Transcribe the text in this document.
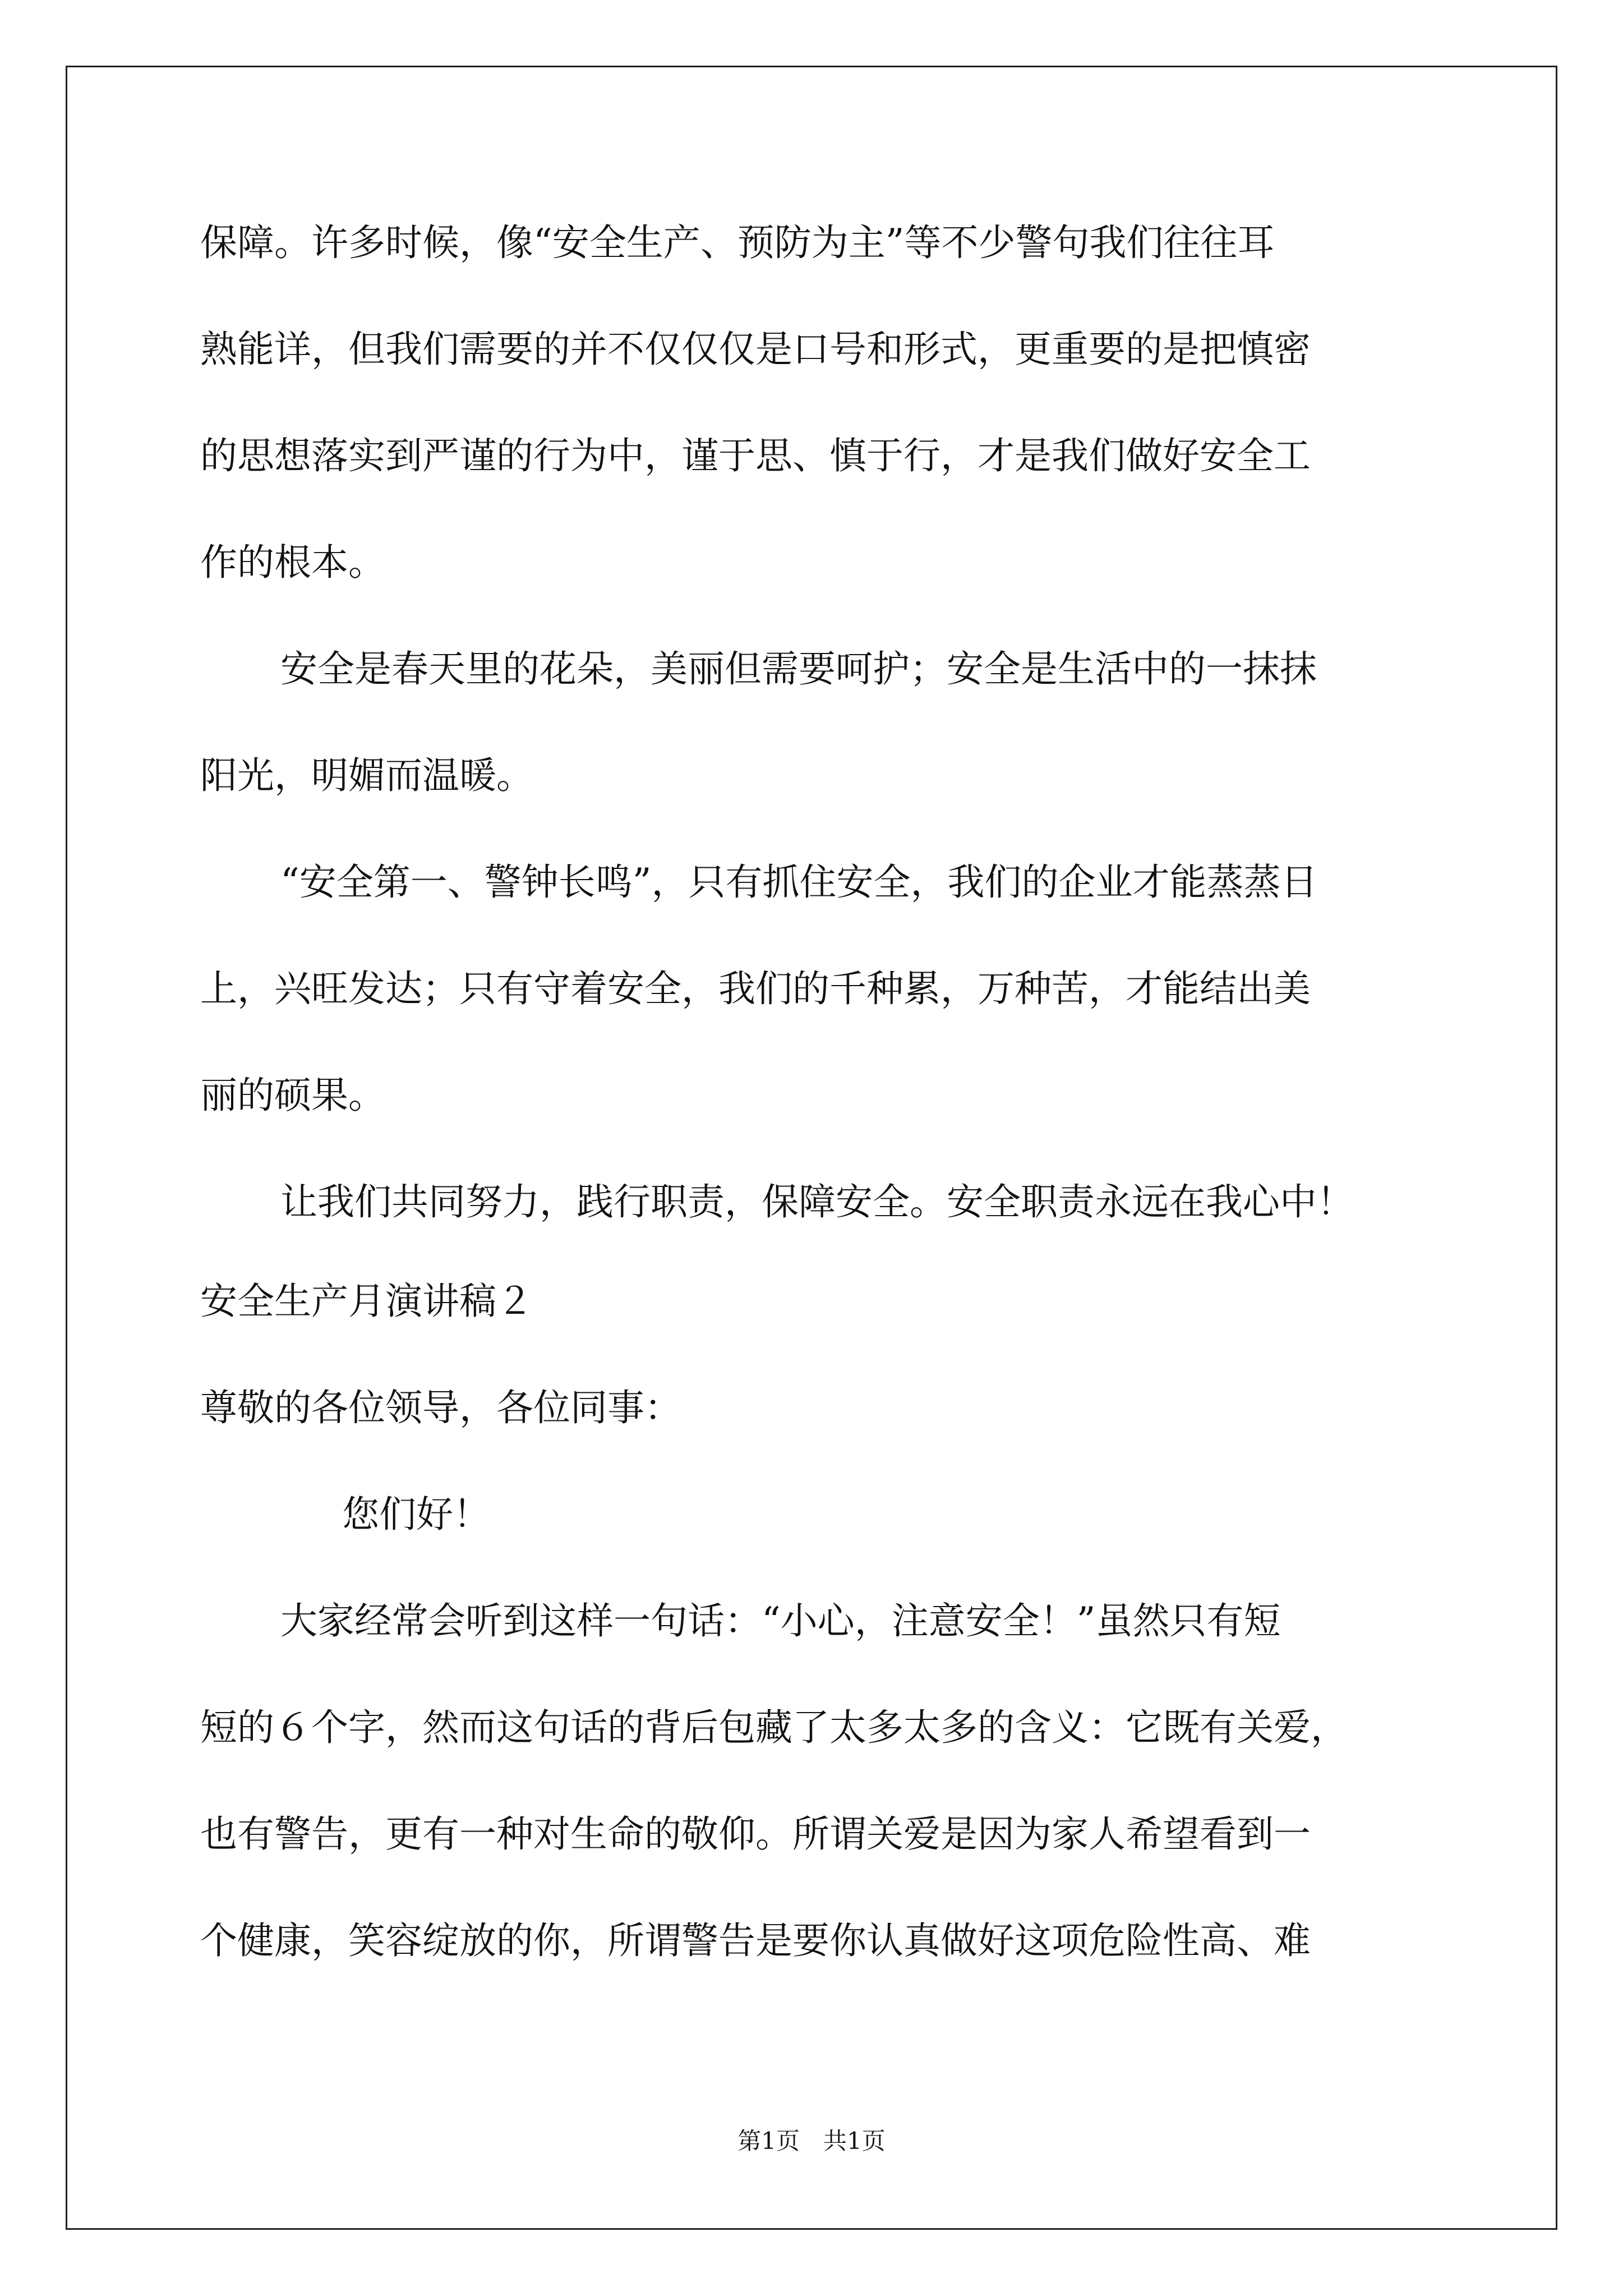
保障。许多时候，像“安全生产、预防为主”等不少警句我们往往耳
熟能详，但我们需要的并不仅仅仅是口号和形式，更重要的是把慎密
的思想落实到严谨的行为中，谨于思、慎于行，才是我们做好安全工
作的根本。
安全是春天里的花朵，美丽但需要呵护；安全是生活中的一抹抹
阳光，明媚而温暖。
“安全第一、警钟长鸣”，只有抓住安全，我们的企业才能蒸蒸日
上，兴旺发达；只有守着安全，我们的千种累，万种苦，才能结出美
丽的硕果。
让我们共同努力，践行职责，保障安全。安全职责永远在我心中！
安全生产月演讲稿２
尊敬的各位领导，各位同事：
您们好！
大家经常会听到这样一句话：“小心，注意安全！”虽然只有短
短的６个字，然而这句话的背后包藏了太多太多的含义：它既有关爱，
也有警告，更有一种对生命的敬仰。所谓关爱是因为家人希望看到一
个健康，笑容绽放的你，所谓警告是要你认真做好这项危险性高、难
第1页　共1页
